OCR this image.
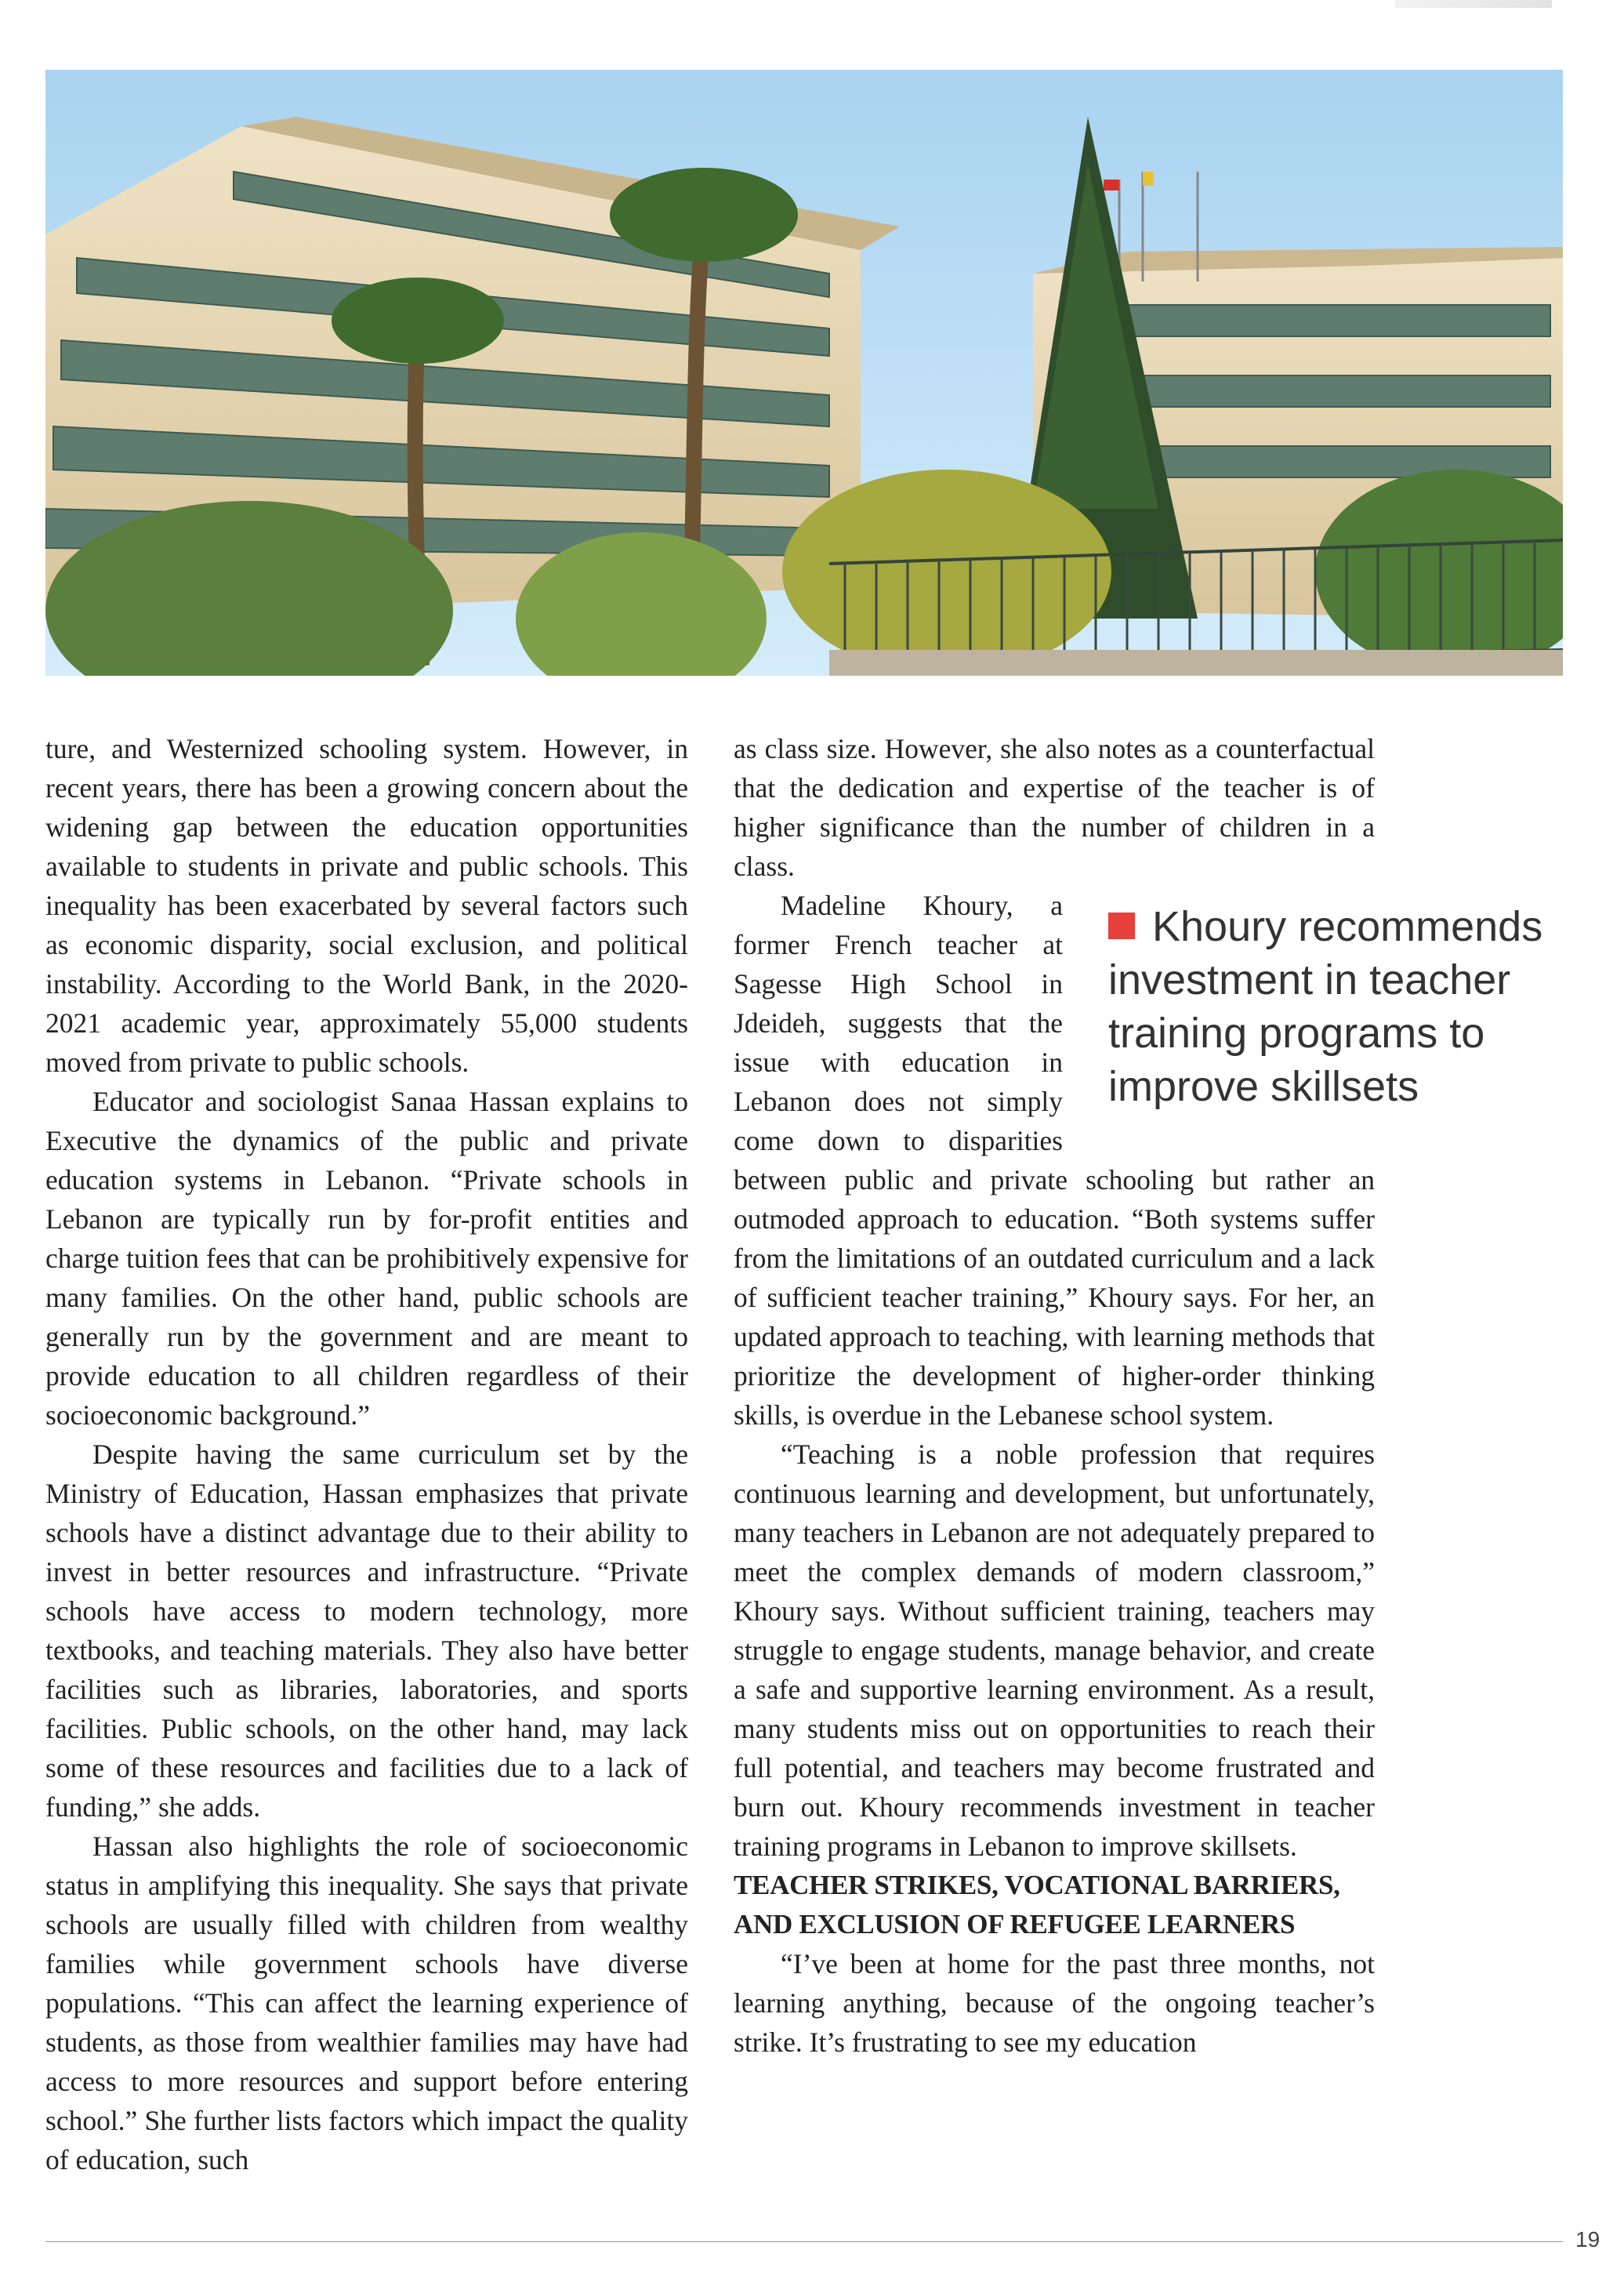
ture, and Westernized schooling system. However, in recent years, there has been a growing concern about the widening gap between the education opportunities available to students in private and public schools. This inequality has been exacerbated by several factors such as economic disparity, social exclusion, and political instability. According to the World Bank, in the 2020-2021 academic year, approximately 55,000 students moved from private to public schools.

Educator and sociologist Sanaa Hassan explains to Executive the dynamics of the public and private education systems in Lebanon. “Private schools in Lebanon are typically run by for-profit entities and charge tuition fees that can be prohibitively expensive for many families. On the other hand, public schools are generally run by the government and are meant to provide education to all children regardless of their socioeconomic background.”

Despite having the same curriculum set by the Ministry of Education, Hassan emphasizes that private schools have a distinct advantage due to their ability to invest in better resources and infrastructure. “Private schools have access to modern technology, more textbooks, and teaching materials. They also have better facilities such as libraries, laboratories, and sports facilities. Public schools, on the other hand, may lack some of these resources and facilities due to a lack of funding,” she adds.

Hassan also highlights the role of socioeconomic status in amplifying this inequality. She says that private schools are usually filled with children from wealthy families while government schools have diverse populations. “This can affect the learning experience of students, as those from wealthier families may have had access to more resources and support before entering school.” She further lists factors which impact the quality of education, such

as class size. However, she also notes as a counterfactual that the dedication and expertise of the teacher is of higher significance than the number of children in a class.

Khoury recommends investment in teacher training programs to improve skillsets

Madeline Khoury, a former French teacher at Sagesse High School in Jdeideh, suggests that the issue with education in Lebanon does not simply come down to disparities between public and private schooling but rather an outmoded approach to education. “Both systems suffer from the limitations of an outdated curriculum and a lack of sufficient teacher training,” Khoury says. For her, an updated approach to teaching, with learning methods that prioritize the development of higher-order thinking skills, is overdue in the Lebanese school system.

“Teaching is a noble profession that requires continuous learning and development, but unfortunately, many teachers in Lebanon are not adequately prepared to meet the complex demands of modern classroom,” Khoury says. Without sufficient training, teachers may struggle to engage students, manage behavior, and create a safe and supportive learning environment. As a result, many students miss out on opportunities to reach their full potential, and teachers may become frustrated and burn out. Khoury recommends investment in teacher training programs in Lebanon to improve skillsets.

TEACHER STRIKES, VOCATIONAL BARRIERS, AND EXCLUSION OF REFUGEE LEARNERS

“I’ve been at home for the past three months, not learning anything, because of the ongoing teacher’s strike. It’s frustrating to see my education

19
